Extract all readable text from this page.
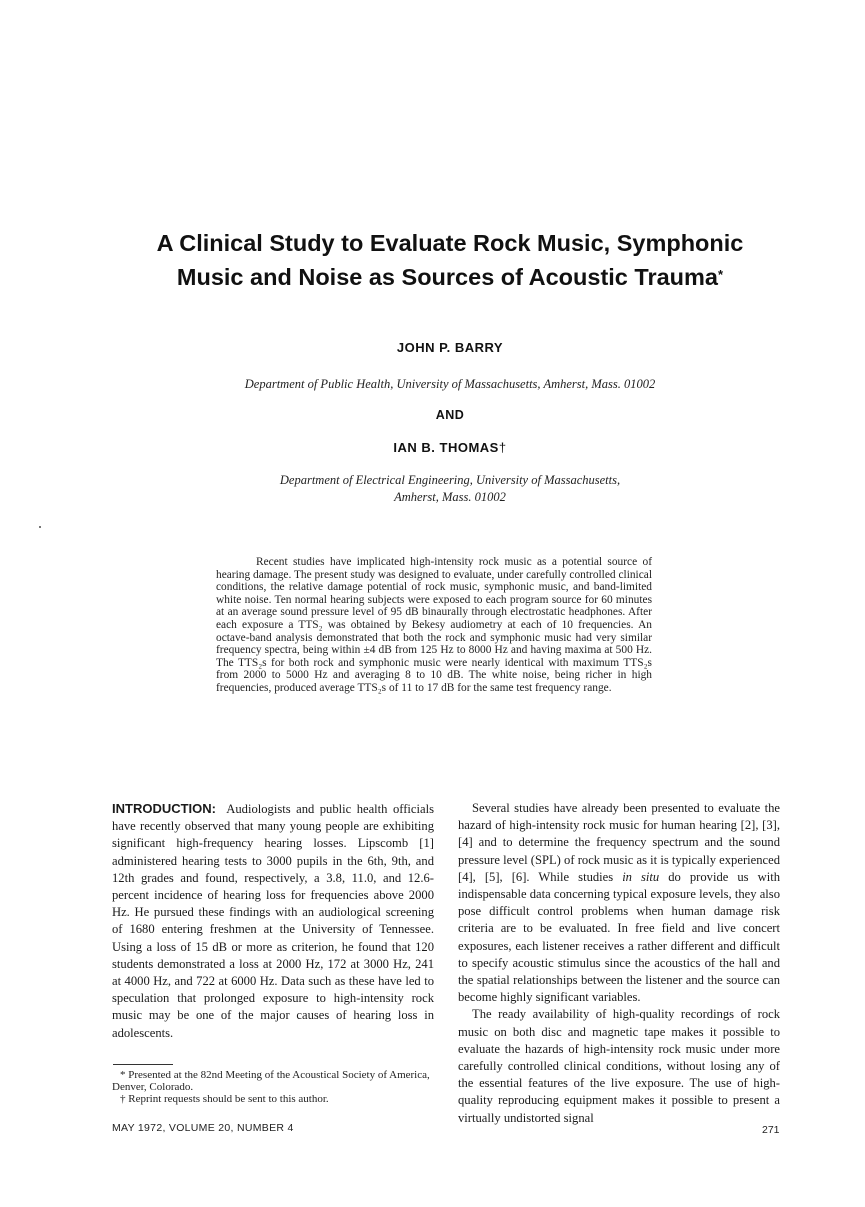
A Clinical Study to Evaluate Rock Music, Symphonic
Music and Noise as Sources of Acoustic Trauma*
JOHN P. BARRY
Department of Public Health, University of Massachusetts, Amherst, Mass. 01002
AND
IAN B. THOMAS†
Department of Electrical Engineering, University of Massachusetts,
Amherst, Mass. 01002
Recent studies have implicated high-intensity rock music as a potential source of hearing damage. The present study was designed to evaluate, under carefully controlled clinical conditions, the relative damage potential of rock music, symphonic music, and band-limited white noise. Ten normal hearing subjects were exposed to each program source for 60 minutes at an average sound pressure level of 95 dB binaurally through electrostatic headphones. After each exposure a TTS₂ was obtained by Bekesy audiometry at each of 10 frequencies. An octave-band analysis demonstrated that both the rock and symphonic music had very similar frequency spectra, being within ±4 dB from 125 Hz to 8000 Hz and having maxima at 500 Hz. The TTS₂s for both rock and symphonic music were nearly identical with maximum TTS₂s from 2000 to 5000 Hz and averaging 8 to 10 dB. The white noise, being richer in high frequencies, produced average TTS₂s of 11 to 17 dB for the same test frequency range.

INTRODUCTION: Audiologists and public health officials have recently observed that many young people are exhibiting significant high-frequency hearing losses. Lipscomb [1] administered hearing tests to 3000 pupils in the 6th, 9th, and 12th grades and found, respectively, a 3.8, 11.0, and 12.6-percent incidence of hearing loss for frequencies above 2000 Hz. He pursued these findings with an audiological screening of 1680 entering freshmen at the University of Tennessee. Using a loss of 15 dB or more as criterion, he found that 120 students demonstrated a loss at 2000 Hz, 172 at 3000 Hz, 241 at 4000 Hz, and 722 at 6000 Hz. Data such as these have led to speculation that prolonged exposure to high-intensity rock music may be one of the major causes of hearing loss in adolescents.

Several studies have already been presented to evaluate the hazard of high-intensity rock music for human hearing [2], [3], [4] and to determine the frequency spectrum and the sound pressure level (SPL) of rock music as it is typically experienced [4], [5], [6]. While studies in situ do provide us with indispensable data concerning typical exposure levels, they also pose difficult control problems when human damage risk criteria are to be evaluated. In free field and live concert exposures, each listener receives a rather different and difficult to specify acoustic stimulus since the acoustics of the hall and the spatial relationships between the listener and the source can become highly significant variables.

The ready availability of high-quality recordings of rock music on both disc and magnetic tape makes it possible to evaluate the hazards of high-intensity rock music under more carefully controlled clinical conditions, without losing any of the essential features of the live exposure. The use of high-quality reproducing equipment makes it possible to present a virtually undistorted signal

* Presented at the 82nd Meeting of the Acoustical Society of America, Denver, Colorado.
† Reprint requests should be sent to this author.
MAY 1972, VOLUME 20, NUMBER 4	271
